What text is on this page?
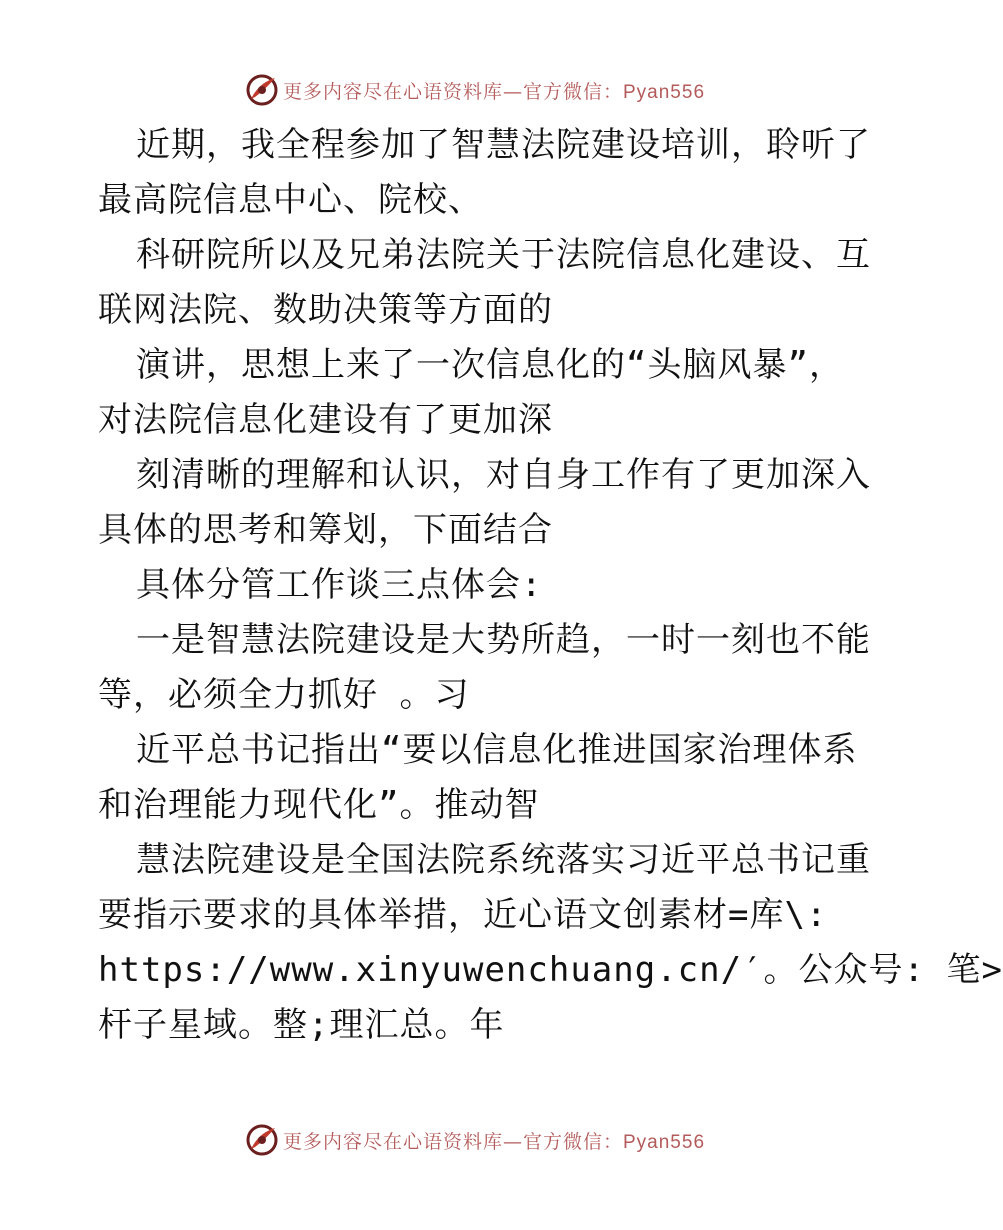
更多内容尽在心语资料库—官方微信：Pyan556
近期，我全程参加了智慧法院建设培训，聆听了
最高院信息中心、院校、
科研院所以及兄弟法院关于法院信息化建设、互
联网法院、数助决策等方面的
演讲，思想上来了一次信息化的“头脑风暴”，
对法院信息化建设有了更加深
刻清晰的理解和认识，对自身工作有了更加深入
具体的思考和筹划，下面结合
具体分管工作谈三点体会:
一是智慧法院建设是大势所趋，一时一刻也不能
等，必须全力抓好 。习
近平总书记指出“要以信息化推进国家治理体系
和治理能力现代化”。推动智
慧法院建设是全国法院系统落实习近平总书记重
要指示要求的具体举措，近心语文创素材=库\:
https://www.xinyuwenchuang.cn/′。公众号: 笔>
杆子星域。整;理汇总。年
更多内容尽在心语资料库—官方微信：Pyan556
